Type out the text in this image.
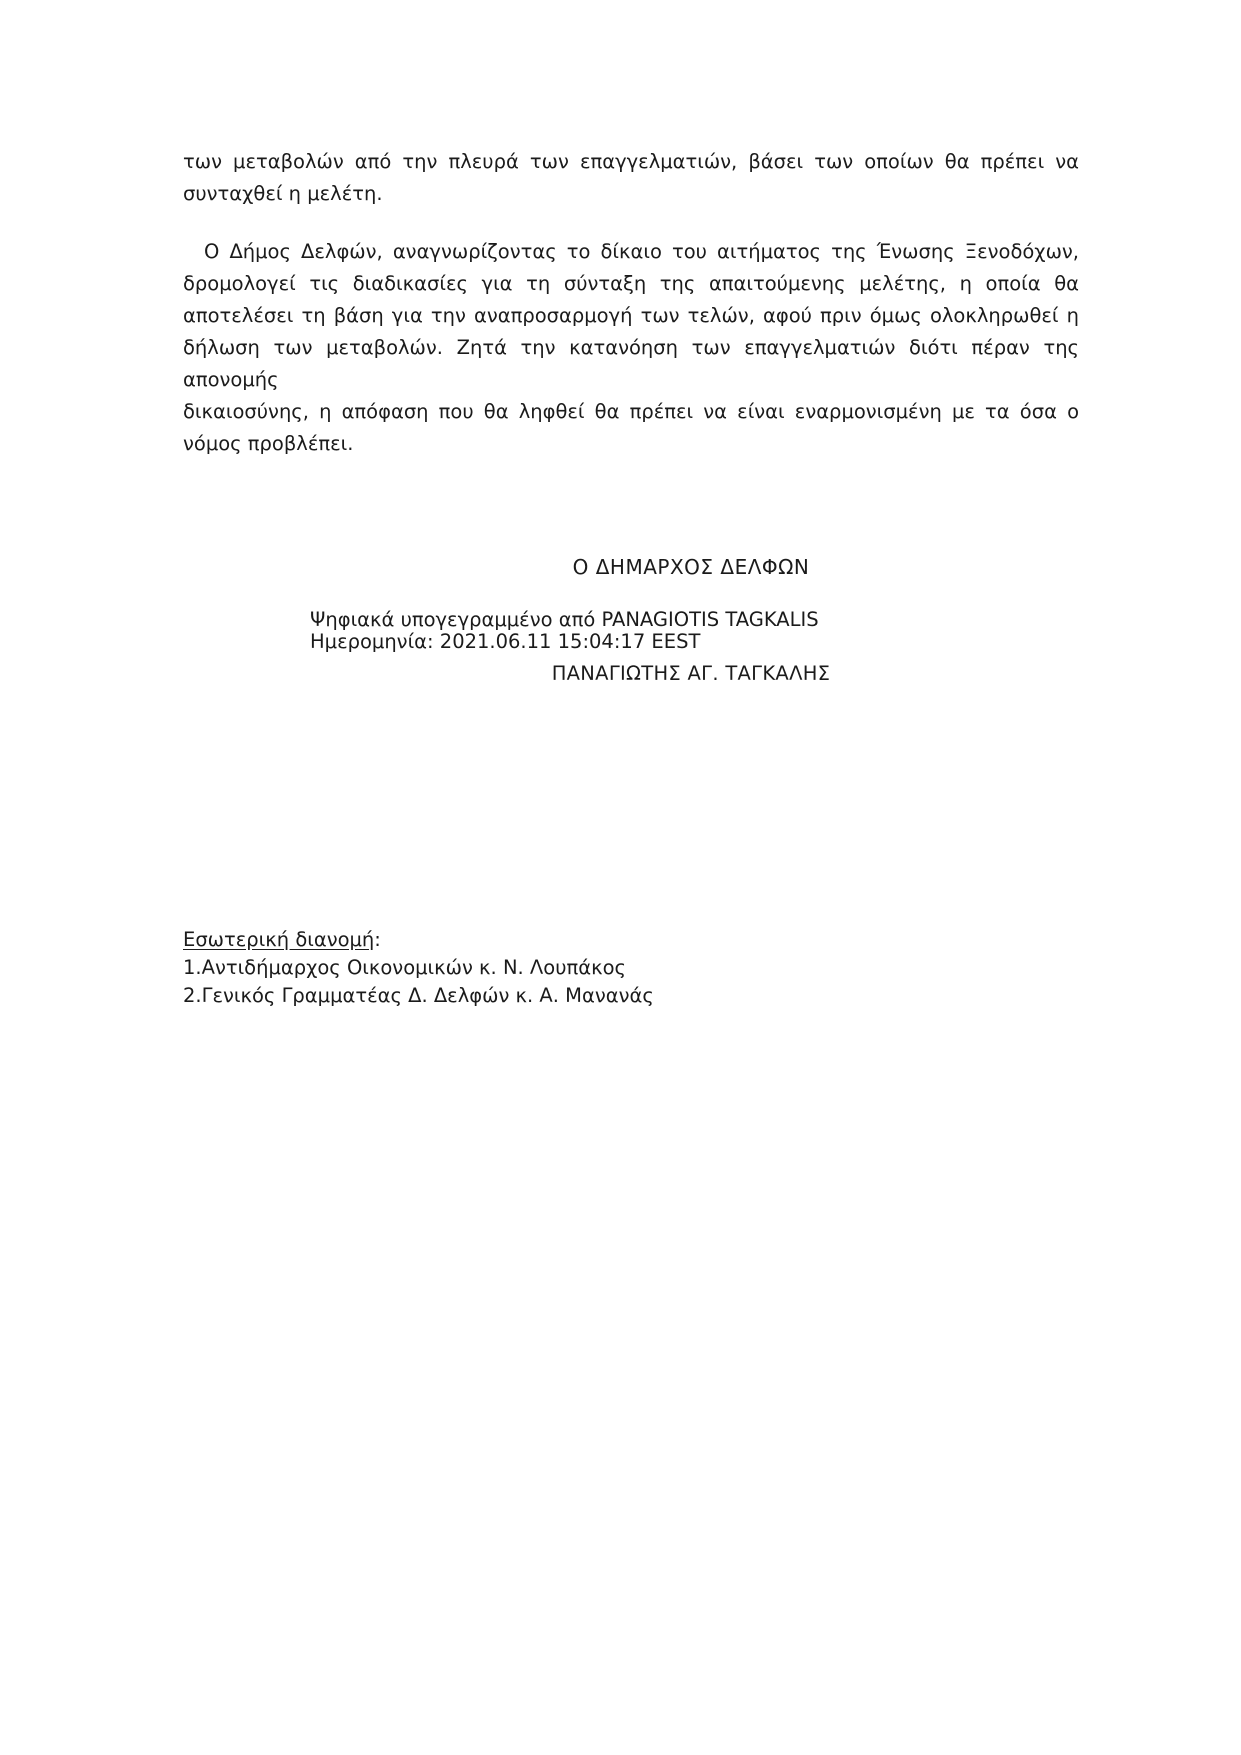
των μεταβολών από την πλευρά των επαγγελματιών, βάσει των οποίων θα πρέπει να
συνταχθεί η μελέτη.
Ο Δήμος Δελφών, αναγνωρίζοντας το δίκαιο του αιτήματος της Ένωσης Ξενοδόχων,
δρομολογεί τις διαδικασίες για τη σύνταξη της απαιτούμενης μελέτης, η οποία θα
αποτελέσει τη βάση για την αναπροσαρμογή των τελών, αφού πριν όμως ολοκληρωθεί η
δήλωση των μεταβολών. Ζητά την κατανόηση των επαγγελματιών διότι πέραν της απονομής
δικαιοσύνης, η απόφαση που θα ληφθεί θα πρέπει να είναι εναρμονισμένη με τα όσα ο
νόμος προβλέπει.
Ο ΔΗΜΑΡΧΟΣ ΔΕΛΦΩΝ
Ψηφιακά υπογεγραμμένο από PANAGIOTIS TAGKALIS
Ημερομηνία: 2021.06.11 15:04:17 EEST
ΠΑΝΑΓΙΩΤΗΣ ΑΓ. ΤΑΓΚΑΛΗΣ
Εσωτερική διανομή:
1.Αντιδήμαρχος Οικονομικών κ. Ν. Λουπάκος
2.Γενικός Γραμματέας Δ. Δελφών κ. Α. Μανανάς
